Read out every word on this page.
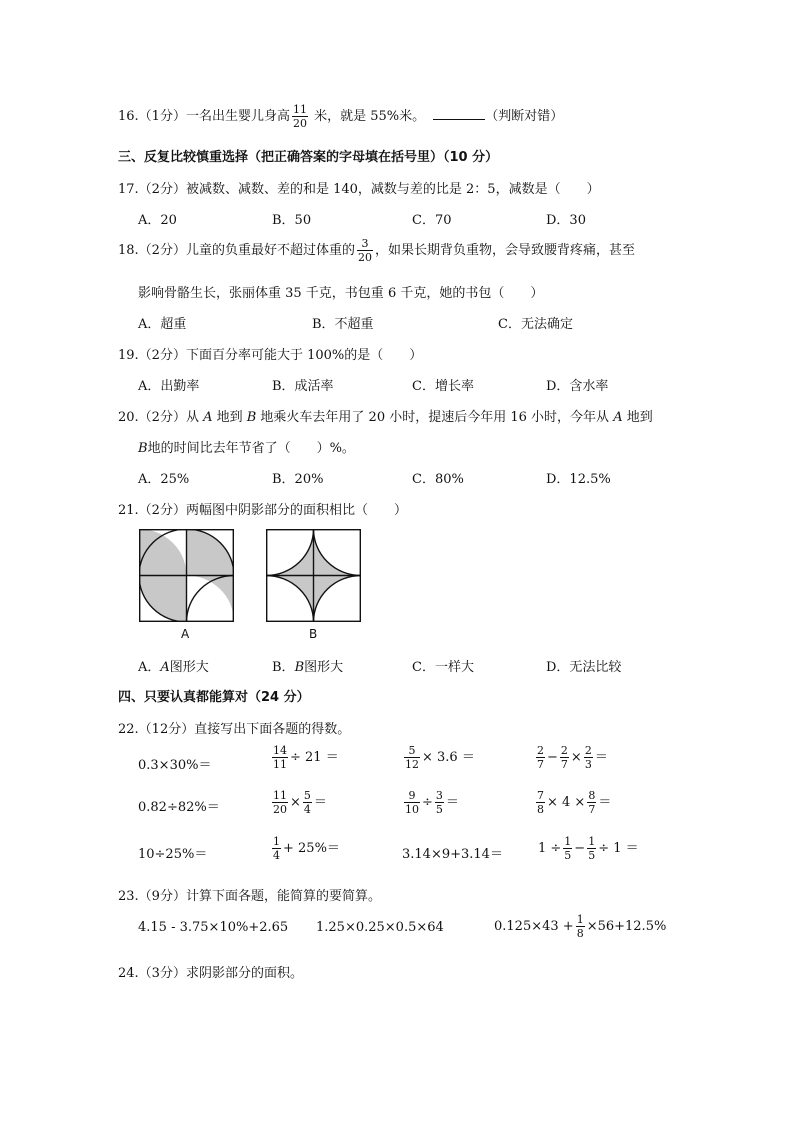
16.（1分）一名出生婴儿身高 $\frac{11}{20}$ 米，就是 55%米。	（判断对错）
三、反复比较慎重选择（把正确答案的字母填在括号里）（10 分）
17.（2分）被减数、减数、差的和是 140，减数与差的比是 2：5，减数是（　　）
A．20	B．50	C．70	D．30
18.（2分）儿童的负重最好不超过体重的 $\frac{3}{20}$ ，如果长期背负重物，会导致腰背疼痛，甚至
影响骨骼生长，张丽体重 35 千克，书包重 6 千克，她的书包（　　）
A．超重	B．不超重	C．无法确定
19.（2分）下面百分率可能大于 100%的是（　　）
A．出勤率	B．成活率	C．增长率	D．含水率
20.（2分）从 A 地到 B 地乘火车去年用了 20 小时，提速后今年用 16 小时，今年从 A 地到
B地的时间比去年节省了（　　）%。
A．25%	B．20%	C．80%	D．12.5%
21.（2分）两幅图中阴影部分的面积相比（　　）
A	B
A．A图形大	B．B图形大	C．一样大	D．无法比较
四、只要认真都能算对（24 分）
22.（12分）直接写出下面各题的得数。
0.3×30%＝	$\frac{14}{11} \div 21$ ＝	$\frac{5}{12} \times 3.6$ ＝	$\frac{2}{7} - \frac{2}{7} \times \frac{2}{3}$ ＝
0.82÷82%＝	$\frac{11}{20} \times \frac{5}{4}$ ＝	$\frac{9}{10} \div \frac{3}{5}$ ＝	$\frac{7}{8} \times 4 \times \frac{8}{7}$ ＝
10÷25%＝	$\frac{1}{4} + 25\%=$	3.14×9+3.14＝	$1 \div \frac{1}{5} - \frac{1}{5} \div 1$ ＝
23.（9分）计算下面各题，能简算的要简算。
4.15 - 3.75×10%+2.65 1.25×0.25×0.5×64	$0.125\times 43 + \frac{1}{8} \times 56+12.5\%$
24.（3分）求阴影部分的面积。
